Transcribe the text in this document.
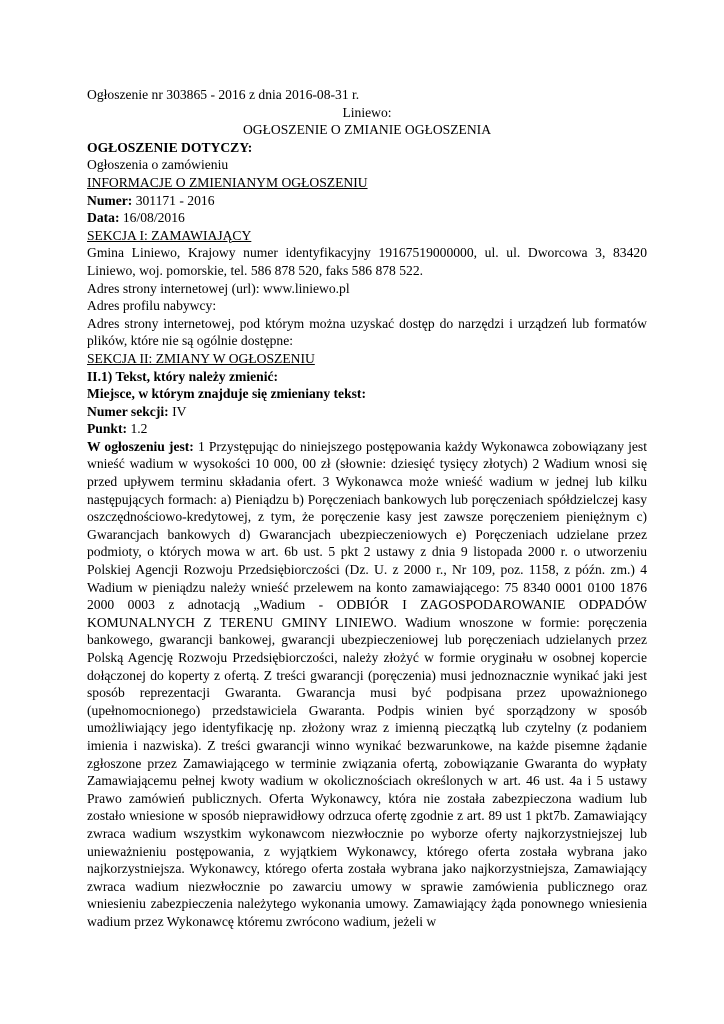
Ogłoszenie nr 303865 - 2016 z dnia 2016-08-31 r.
Liniewo:
OGŁOSZENIE O ZMIANIE OGŁOSZENIA
OGŁOSZENIE DOTYCZY:
Ogłoszenia o zamówieniu
INFORMACJE O ZMIENIANYM OGŁOSZENIU
Numer: 301171 - 2016
Data: 16/08/2016
SEKCJA I: ZAMAWIAJĄCY
Gmina Liniewo, Krajowy numer identyfikacyjny 19167519000000, ul. ul. Dworcowa 3, 83420 Liniewo, woj. pomorskie, tel. 586 878 520, faks 586 878 522.
Adres strony internetowej (url): www.liniewo.pl
Adres profilu nabywcy:
Adres strony internetowej, pod którym można uzyskać dostęp do narzędzi i urządzeń lub formatów plików, które nie są ogólnie dostępne:
SEKCJA II: ZMIANY W OGŁOSZENIU
II.1) Tekst, który należy zmienić:
Miejsce, w którym znajduje się zmieniany tekst:
Numer sekcji: IV
Punkt: 1.2
W ogłoszeniu jest: 1 Przystępując do niniejszego postępowania każdy Wykonawca zobowiązany jest wnieść wadium w wysokości 10 000, 00 zł (słownie: dziesięć tysięcy złotych) 2 Wadium wnosi się przed upływem terminu składania ofert. 3 Wykonawca może wnieść wadium w jednej lub kilku następujących formach: a) Pieniądzu b) Poręczeniach bankowych lub poręczeniach spółdzielczej kasy oszczędnościowo-kredytowej, z tym, że poręczenie kasy jest zawsze poręczeniem pieniężnym c) Gwarancjach bankowych d) Gwarancjach ubezpieczeniowych e) Poręczeniach udzielane przez podmioty, o których mowa w art. 6b ust. 5 pkt 2 ustawy z dnia 9 listopada 2000 r. o utworzeniu Polskiej Agencji Rozwoju Przedsiębiorczości (Dz. U. z 2000 r., Nr 109, poz. 1158, z późn. zm.) 4 Wadium w pieniądzu należy wnieść przelewem na konto zamawiającego: 75 8340 0001 0100 1876 2000 0003 z adnotacją „Wadium - ODBIÓR I ZAGOSPODAROWANIE ODPADÓW KOMUNALNYCH Z TERENU GMINY LINIEWO. Wadium wnoszone w formie: poręczenia bankowego, gwarancji bankowej, gwarancji ubezpieczeniowej lub poręczeniach udzielanych przez Polską Agencję Rozwoju Przedsiębiorczości, należy złożyć w formie oryginału w osobnej kopercie dołączonej do koperty z ofertą. Z treści gwarancji (poręczenia) musi jednoznacznie wynikać jaki jest sposób reprezentacji Gwaranta. Gwarancja musi być podpisana przez upoważnionego (upełnomocnionego) przedstawiciela Gwaranta. Podpis winien być sporządzony w sposób umożliwiający jego identyfikację np. złożony wraz z imienną pieczątką lub czytelny (z podaniem imienia i nazwiska). Z treści gwarancji winno wynikać bezwarunkowe, na każde pisemne żądanie zgłoszone przez Zamawiającego w terminie związania ofertą, zobowiązanie Gwaranta do wypłaty Zamawiającemu pełnej kwoty wadium w okolicznościach określonych w art. 46 ust. 4a i 5 ustawy Prawo zamówień publicznych. Oferta Wykonawcy, która nie została zabezpieczona wadium lub zostało wniesione w sposób nieprawidłowy odrzuca ofertę zgodnie z art. 89 ust 1 pkt7b. Zamawiający zwraca wadium wszystkim wykonawcom niezwłocznie po wyborze oferty najkorzystniejszej lub unieważnieniu postępowania, z wyjątkiem Wykonawcy, którego oferta została wybrana jako najkorzystniejsza. Wykonawcy, którego oferta została wybrana jako najkorzystniejsza, Zamawiający zwraca wadium niezwłocznie po zawarciu umowy w sprawie zamówienia publicznego oraz wniesieniu zabezpieczenia należytego wykonania umowy. Zamawiający żąda ponownego wniesienia wadium przez Wykonawcę któremu zwrócono wadium, jeżeli w
